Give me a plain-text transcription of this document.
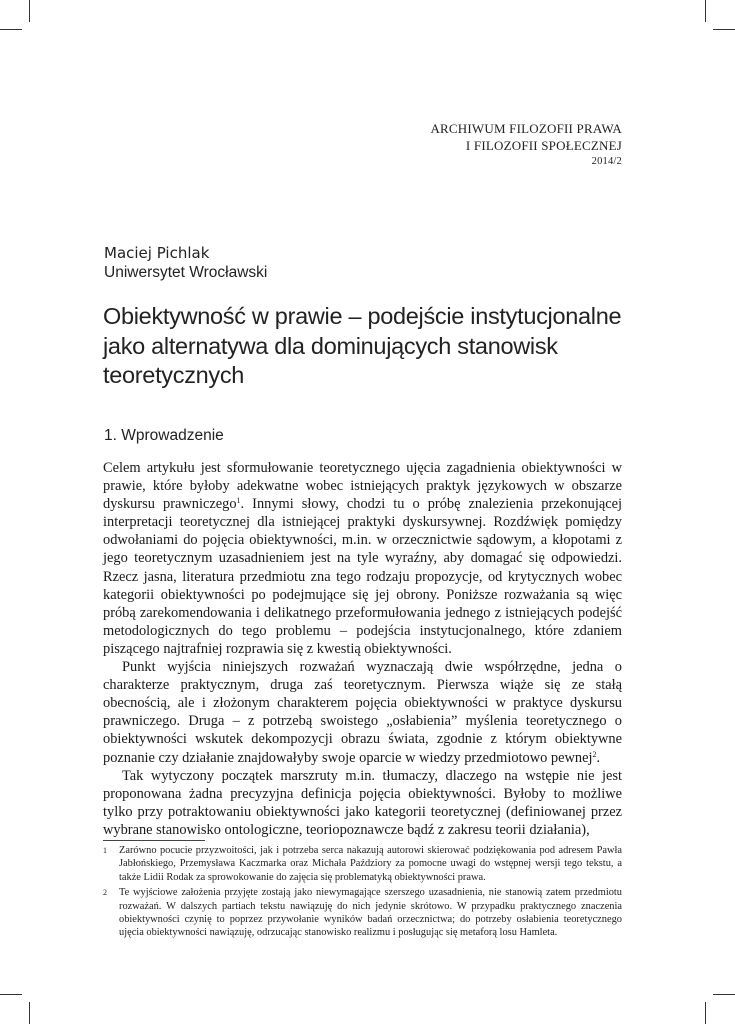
ARCHIWUM FILOZOFII PRAWA
I FILOZOFII SPOŁECZNEJ
2014/2
Maciej Pichlak
Uniwersytet Wrocławski
Obiektywność w prawie – podejście instytucjonalne jako alternatywa dla dominujących stanowisk teoretycznych
1. Wprowadzenie

Celem artykułu jest sformułowanie teoretycznego ujęcia zagadnienia obiektywności w prawie, które byłoby adekwatne wobec istniejących praktyk językowych w obszarze dyskursu prawniczego$^1$. Innymi słowy, chodzi tu o próbę znalezienia przekonującej interpretacji teoretycznej dla istniejącej praktyki dyskursywnej. Rozdźwięk pomiędzy odwołaniami do pojęcia obiektywności, m.in. w orzecznictwie sądowym, a kłopotami z jego teoretycznym uzasadnieniem jest na tyle wyraźny, aby domagać się odpowiedzi. Rzecz jasna, literatura przedmiotu zna tego rodzaju propozycje, od krytycznych wobec kategorii obiektywności po podejmujące się jej obrony. Poniższe rozważania są więc próbą zarekomendowania i delikatnego przeformułowania jednego z istniejących podejść metodologicznych do tego problemu – podejścia instytucjonalnego, które zdaniem piszącego najtrafniej rozprawia się z kwestią obiektywności.

Punkt wyjścia niniejszych rozważań wyznaczają dwie współrzędne, jedna o charakterze praktycznym, druga zaś teoretycznym. Pierwsza wiąże się ze stałą obecnością, ale i złożonym charakterem pojęcia obiektywności w praktyce dyskursu prawniczego. Druga – z potrzebą swoistego „osłabienia” myślenia teoretycznego o obiektywności wskutek dekompozycji obrazu świata, zgodnie z którym obiektywne poznanie czy działanie znajdowałyby swoje oparcie w wiedzy przedmiotowo pewnej$^2$.

Tak wytyczony początek marszruty m.in. tłumaczy, dlaczego na wstępie nie jest proponowana żadna precyzyjna definicja pojęcia obiektywności. Byłoby to możliwe tylko przy potraktowaniu obiektywności jako kategorii teoretycznej (definiowanej przez wybrane stanowisko ontologiczne, teoriopoznawcze bądź z zakresu teorii działania),

1	Zarówno pocucie przyzwoitości, jak i potrzeba serca nakazują autorowi skierować podziękowania pod adresem Pawła Jabłońskiego, Przemysława Kaczmarka oraz Michała Paździory za pomocne uwagi do wstępnej wersji tego tekstu, a także Lidii Rodak za sprowokowanie do zajęcia się problematyką obiektywności prawa.
2	Te wyjściowe założenia przyjęte zostają jako niewymagające szerszego uzasadnienia, nie stanowią zatem przedmiotu rozważań. W dalszych partiach tekstu nawiązuję do nich jedynie skrótowo. W przypadku praktycznego znaczenia obiektywności czynię to poprzez przywołanie wyników badań orzecznictwa; do potrzeby osłabienia teoretycznego ujęcia obiektywności nawiązuję, odrzucając stanowisko realizmu i posługując się metaforą losu Hamleta.
